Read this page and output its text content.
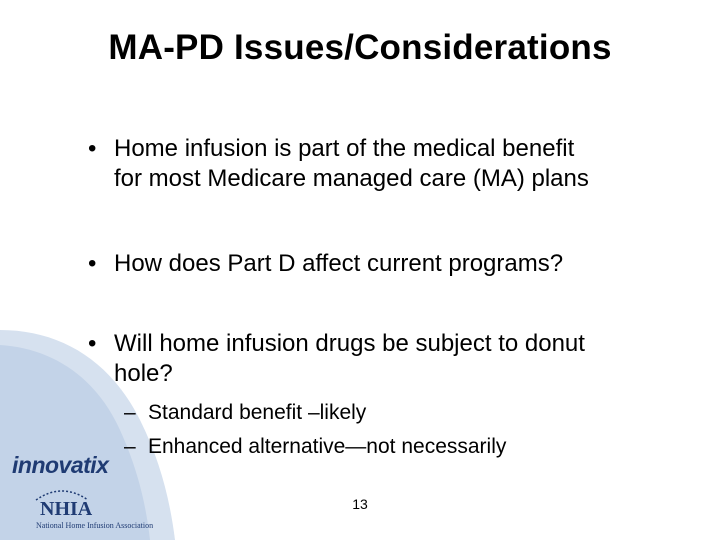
MA-PD Issues/Considerations
• Home infusion is part of the medical benefit
for most Medicare managed care (MA) plans
• How does Part D affect current programs?
• Will home infusion drugs be subject to donut
hole?
– Standard benefit –likely
– Enhanced alternative—not necessarily
innovatix
NHIA
National Home Infusion Association
13
